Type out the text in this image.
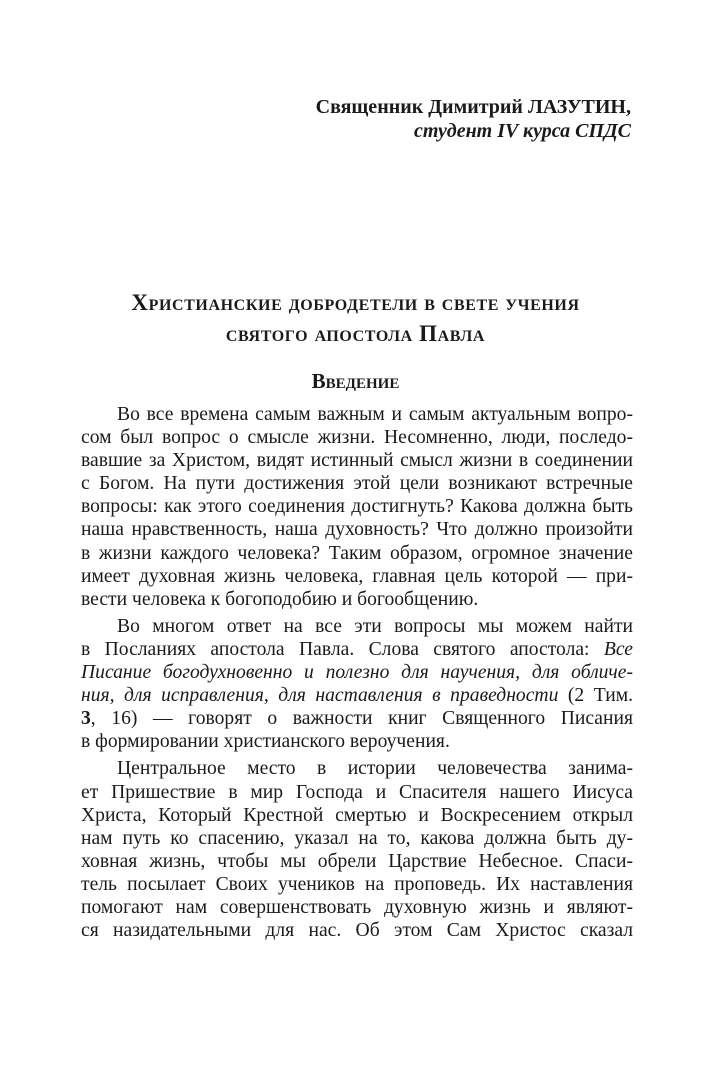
Священник Димитрий ЛАЗУТИН,
студент IV курса СПДС
Христианские добродетели в свете учения
святого апостола Павла
Введение
Во все времена самым важным и самым актуальным вопро-
сом был вопрос о смысле жизни. Несомненно, люди, последо-
вавшие за Христом, видят истинный смысл жизни в соединении
с Богом. На пути достижения этой цели возникают встречные
вопросы: как этого соединения достигнуть? Какова должна быть
наша нравственность, наша духовность? Что должно произойти
в жизни каждого человека? Таким образом, огромное значение
имеет духовная жизнь человека, главная цель которой — при-
вести человека к богоподобию и богообщению.
Во многом ответ на все эти вопросы мы можем найти
в Посланиях апостола Павла. Слова святого апостола: Все
Писание богодухновенно и полезно для научения, для обличе-
ния, для исправления, для наставления в праведности (2 Тим.
3, 16) — говорят о важности книг Священного Писания
в формировании христианского вероучения.
Центральное место в истории человечества занима-
ет Пришествие в мир Господа и Спасителя нашего Иисуса
Христа, Который Крестной смертью и Воскресением открыл
нам путь ко спасению, указал на то, какова должна быть ду-
ховная жизнь, чтобы мы обрели Царствие Небесное. Спаси-
тель посылает Своих учеников на проповедь. Их наставления
помогают нам совершенствовать духовную жизнь и являют-
ся назидательными для нас. Об этом Сам Христос сказал
